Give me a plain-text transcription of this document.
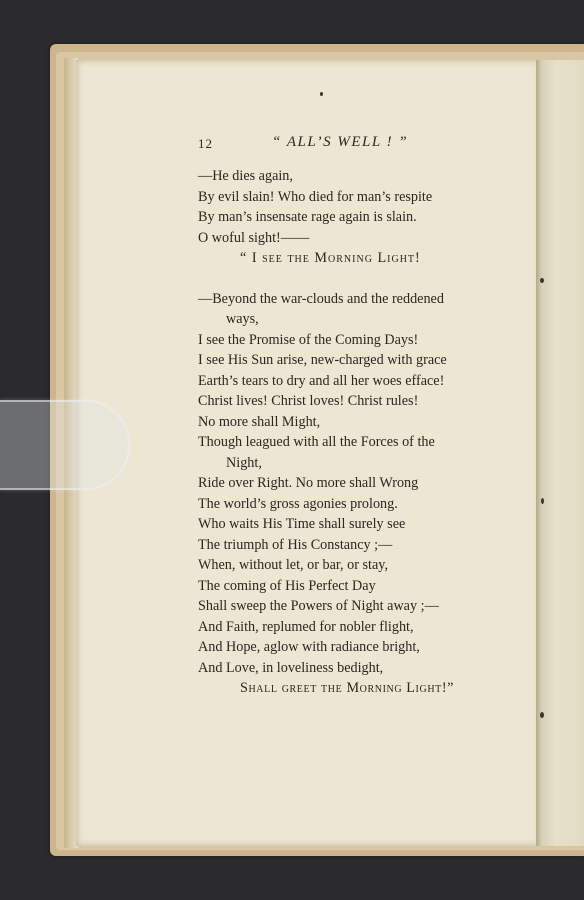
12	“ ALL’S WELL ! ”
—He dies again,
By evil slain! Who died for man’s respite
By man’s insensate rage again is slain.
O woful sight!——
“ I see the Morning Light!
—Beyond the war-clouds and the reddened
ways,
I see the Promise of the Coming Days!
I see His Sun arise, new-charged with grace
Earth’s tears to dry and all her woes efface!
Christ lives! Christ loves! Christ rules!
No more shall Might,
Though leagued with all the Forces of the
Night,
Ride over Right. No more shall Wrong
The world’s gross agonies prolong.
Who waits His Time shall surely see
The triumph of His Constancy ;—
When, without let, or bar, or stay,
The coming of His Perfect Day
Shall sweep the Powers of Night away ;—
And Faith, replumed for nobler flight,
And Hope, aglow with radiance bright,
And Love, in loveliness bedight,
Shall greet the Morning Light!”
